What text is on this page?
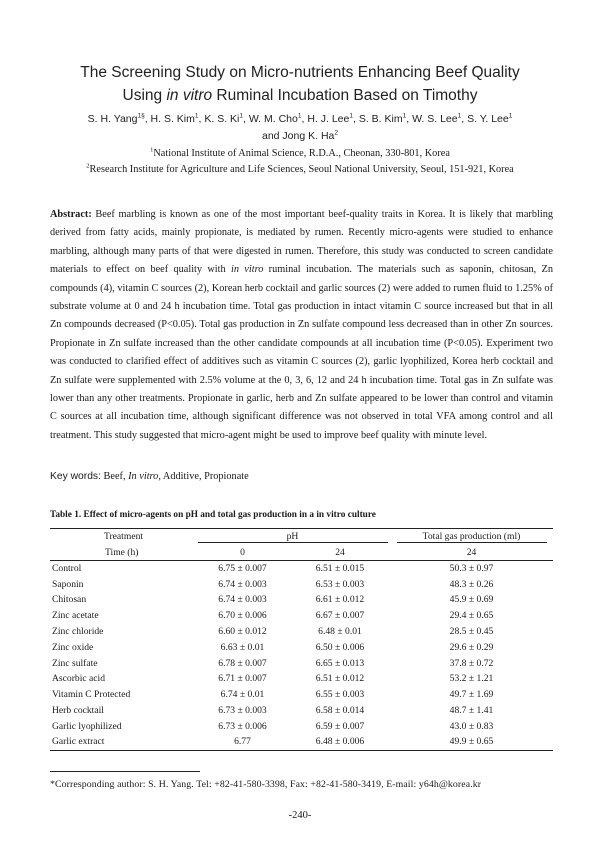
The Screening Study on Micro-nutrients Enhancing Beef Quality
Using in vitro Ruminal Incubation Based on Timothy
S. H. Yang$^{1\S}$, H. S. Kim$^1$, K. S. Ki$^1$, W. M. Cho$^1$, H. J. Lee$^1$, S. B. Kim$^1$, W. S. Lee$^1$, S. Y. Lee$^1$
and Jong K. Ha$^2$
$^1$National Institute of Animal Science, R.D.A., Cheonan, 330-801, Korea
$^2$Research Institute for Agriculture and Life Sciences, Seoul National University, Seoul, 151-921, Korea
Abstract: Beef marbling is known as one of the most important beef-quality traits in Korea. It is likely that marbling derived from fatty acids, mainly propionate, is mediated by rumen. Recently micro-agents were studied to enhance marbling, although many parts of that were digested in rumen. Therefore, this study was conducted to screen candidate materials to effect on beef quality with in vitro ruminal incubation. The materials such as saponin, chitosan, Zn compounds (4), vitamin C sources (2), Korean herb cocktail and garlic sources (2) were added to rumen fluid to 1.25% of substrate volume at 0 and 24 h incubation time. Total gas production in intact vitamin C source increased but that in all Zn compounds decreased (P<0.05). Total gas production in Zn sulfate compound less decreased than in other Zn sources. Propionate in Zn sulfate increased than the other candidate compounds at all incubation time (P<0.05). Experiment two was conducted to clarified effect of additives such as vitamin C sources (2), garlic lyophilized, Korea herb cocktail and Zn sulfate were supplemented with 2.5% volume at the 0, 3, 6, 12 and 24 h incubation time. Total gas in Zn sulfate was lower than any other treatments. Propionate in garlic, herb and Zn sulfate appeared to be lower than control and vitamin C sources at all incubation time, although significant difference was not observed in total VFA among control and all treatment. This study suggested that micro-agent might be used to improve beef quality with minute level.
Key words: Beef, In vitro, Additive, Propionate
Table 1. Effect of micro-agents on pH and total gas production in a in vitro culture
Treatment	pH		Total gas production (ml)
Time (h)	0	24	24
Control	6.75 ± 0.007	6.51 ± 0.015	50.3 ± 0.97
Saponin	6.74 ± 0.003	6.53 ± 0.003	48.3 ± 0.26
Chitosan	6.74 ± 0.003	6.61 ± 0.012	45.9 ± 0.69
Zinc acetate	6.70 ± 0.006	6.67 ± 0.007	29.4 ± 0.65
Zinc chloride	6.60 ± 0.012	6.48 ± 0.01	28.5 ± 0.45
Zinc oxide	6.63 ± 0.01	6.50 ± 0.006	29.6 ± 0.29
Zinc sulfate	6.78 ± 0.007	6.65 ± 0.013	37.8 ± 0.72
Ascorbic acid	6.71 ± 0.007	6.51 ± 0.012	53.2 ± 1.21
Vitamin C Protected	6.74 ± 0.01	6.55 ± 0.003	49.7 ± 1.69
Herb cocktail	6.73 ± 0.003	6.58 ± 0.014	48.7 ± 1.41
Garlic lyophilized	6.73 ± 0.006	6.59 ± 0.007	43.0 ± 0.83
Garlic extract	6.77	6.48 ± 0.006	49.9 ± 0.65
*Corresponding author: S. H. Yang. Tel: +82-41-580-3398, Fax: +82-41-580-3419, E-mail: y64h@korea.kr
-240-
